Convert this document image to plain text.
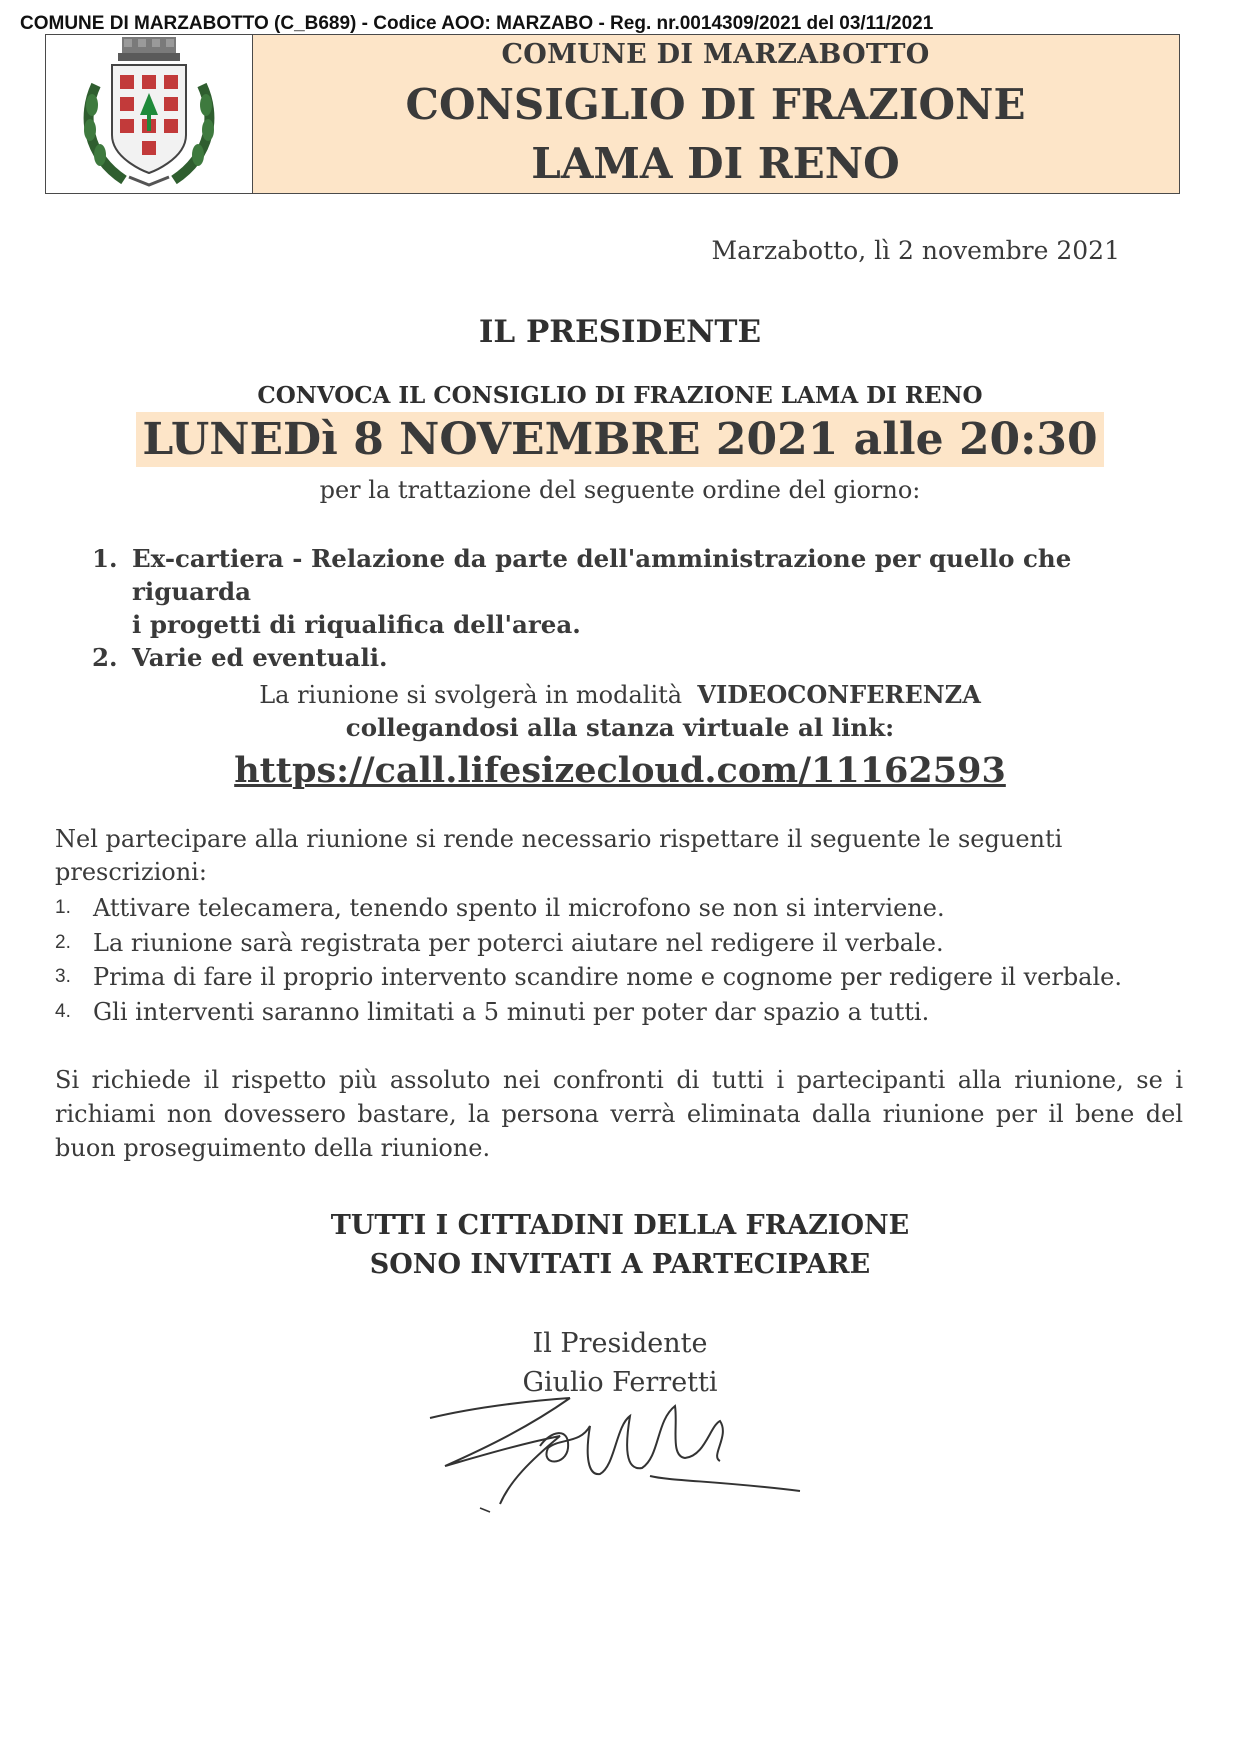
COMUNE DI MARZABOTTO (C_B689) - Codice AOO: MARZABO - Reg. nr.0014309/2021 del 03/11/2021
COMUNE DI MARZABOTTO
CONSIGLIO DI FRAZIONE
LAMA DI RENO
Marzabotto, lì 2 novembre 2021
IL PRESIDENTE
CONVOCA IL CONSIGLIO DI FRAZIONE LAMA DI RENO
LUNEDì 8 NOVEMBRE 2021 alle 20:30
per la trattazione del seguente ordine del giorno:
1. Ex-cartiera - Relazione da parte dell'amministrazione per quello che riguarda
i progetti di riqualifica dell'area.
2. Varie ed eventuali.
La riunione si svolgerà in modalità VIDEOCONFERENZA
collegandosi alla stanza virtuale al link:
https://call.lifesizecloud.com/11162593
Nel partecipare alla riunione si rende necessario rispettare il seguente le seguenti prescrizioni:
1. Attivare telecamera, tenendo spento il microfono se non si interviene.
2. La riunione sarà registrata per poterci aiutare nel redigere il verbale.
3. Prima di fare il proprio intervento scandire nome e cognome per redigere il verbale.
4. Gli interventi saranno limitati a 5 minuti per poter dar spazio a tutti.
Si richiede il rispetto più assoluto nei confronti di tutti i partecipanti alla riunione, se i richiami non dovessero bastare, la persona verrà eliminata dalla riunione per il bene del buon proseguimento della riunione.
TUTTI I CITTADINI DELLA FRAZIONE
SONO INVITATI A PARTECIPARE
Il Presidente
Giulio Ferretti
